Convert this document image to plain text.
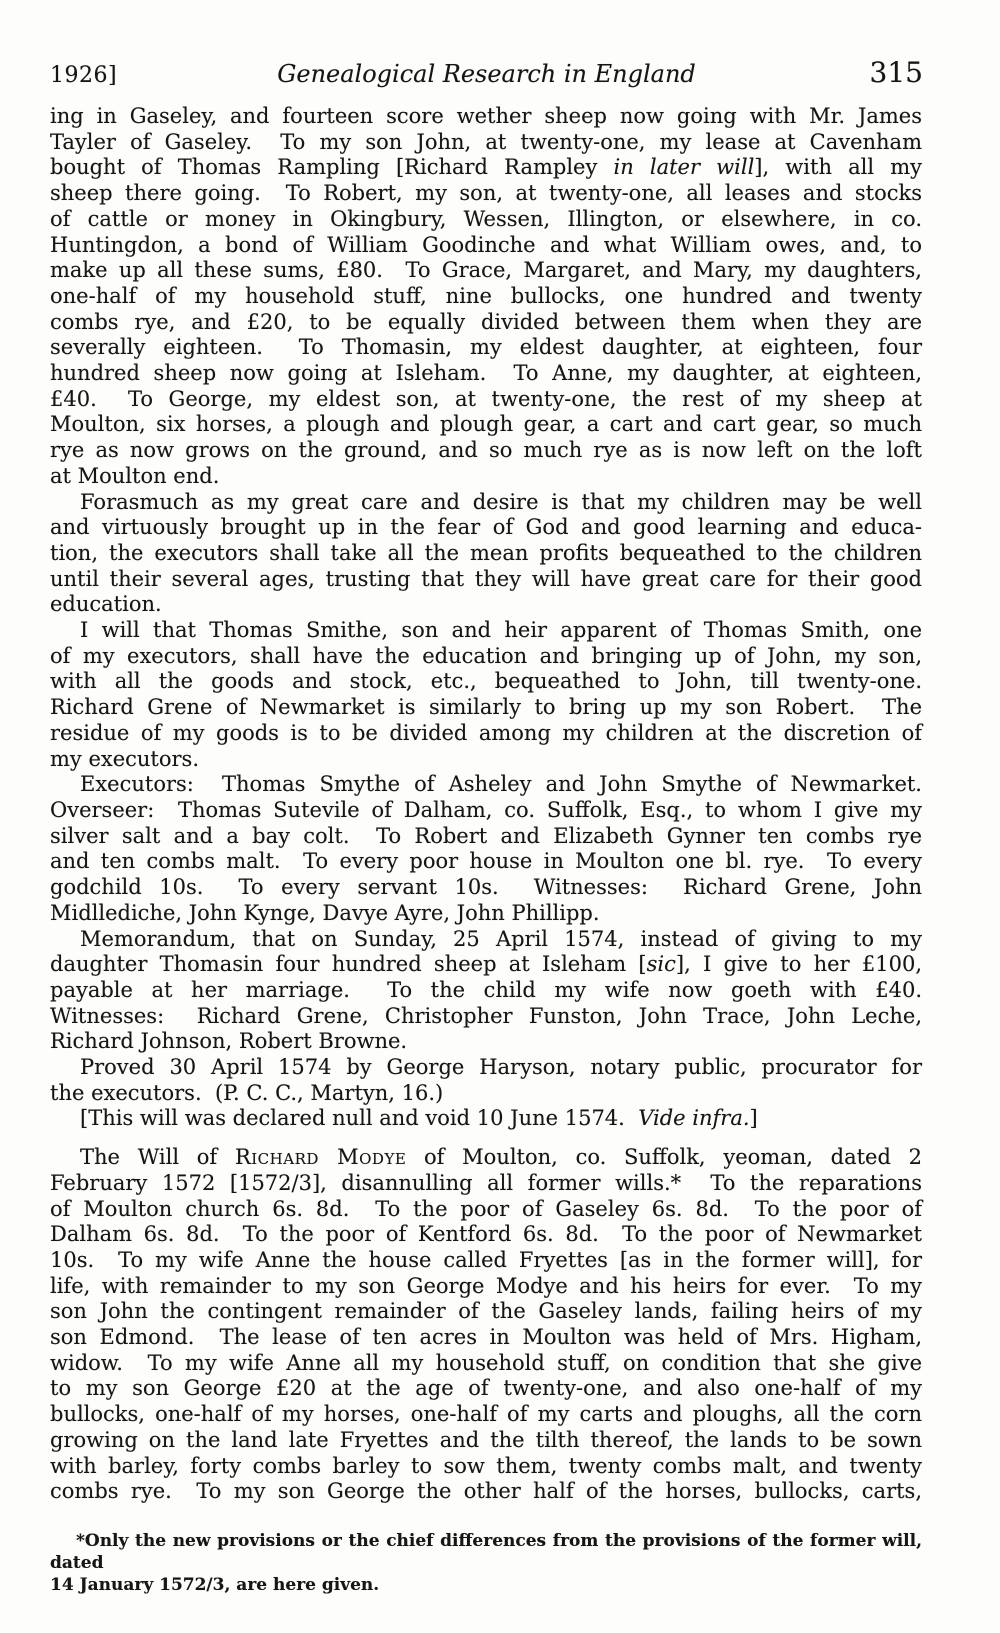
1926]	Genealogical Research in England	315
ing in Gaseley, and fourteen score wether sheep now going with Mr. James
Tayler of Gaseley.  To my son John, at twenty-one, my lease at Cavenham
bought of Thomas Rampling [Richard Rampley in later will], with all my
sheep there going.  To Robert, my son, at twenty-one, all leases and stocks
of cattle or money in Okingbury, Wessen, Illington, or elsewhere, in co.
Huntingdon, a bond of William Goodinche and what William owes, and, to
make up all these sums, £80.  To Grace, Margaret, and Mary, my daughters,
one-half of my household stuff, nine bullocks, one hundred and twenty
combs rye, and £20, to be equally divided between them when they are
severally eighteen.  To Thomasin, my eldest daughter, at eighteen, four
hundred sheep now going at Isleham.  To Anne, my daughter, at eighteen,
£40.  To George, my eldest son, at twenty-one, the rest of my sheep at
Moulton, six horses, a plough and plough gear, a cart and cart gear, so much
rye as now grows on the ground, and so much rye as is now left on the loft
at Moulton end.
Forasmuch as my great care and desire is that my children may be well
and virtuously brought up in the fear of God and good learning and educa-
tion, the executors shall take all the mean profits bequeathed to the children
until their several ages, trusting that they will have great care for their good
education.
I will that Thomas Smithe, son and heir apparent of Thomas Smith, one
of my executors, shall have the education and bringing up of John, my son,
with all the goods and stock, etc., bequeathed to John, till twenty-one.
Richard Grene of Newmarket is similarly to bring up my son Robert.  The
residue of my goods is to be divided among my children at the discretion of
my executors.
Executors:  Thomas Smythe of Asheley and John Smythe of Newmarket.
Overseer:  Thomas Sutevile of Dalham, co. Suffolk, Esq., to whom I give my
silver salt and a bay colt.  To Robert and Elizabeth Gynner ten combs rye
and ten combs malt.  To every poor house in Moulton one bl. rye.  To every
godchild 10s.  To every servant 10s.  Witnesses:  Richard Grene, John
Midllediche, John Kynge, Davye Ayre, John Phillipp.
Memorandum, that on Sunday, 25 April 1574, instead of giving to my
daughter Thomasin four hundred sheep at Isleham [sic], I give to her £100,
payable at her marriage.  To the child my wife now goeth with £40.
Witnesses:  Richard Grene, Christopher Funston, John Trace, John Leche,
Richard Johnson, Robert Browne.
Proved 30 April 1574 by George Haryson, notary public, procurator for
the executors.  (P. C. C., Martyn, 16.)
[This will was declared null and void 10 June 1574.  Vide infra.]
The Will of Richard Modye of Moulton, co. Suffolk, yeoman, dated 2
February 1572 [1572/3], disannulling all former wills.*  To the reparations
of Moulton church 6s. 8d.  To the poor of Gaseley 6s. 8d.  To the poor of
Dalham 6s. 8d.  To the poor of Kentford 6s. 8d.  To the poor of Newmarket
10s.  To my wife Anne the house called Fryettes [as in the former will], for
life, with remainder to my son George Modye and his heirs for ever.  To my
son John the contingent remainder of the Gaseley lands, failing heirs of my
son Edmond.  The lease of ten acres in Moulton was held of Mrs. Higham,
widow.  To my wife Anne all my household stuff, on condition that she give
to my son George £20 at the age of twenty-one, and also one-half of my
bullocks, one-half of my horses, one-half of my carts and ploughs, all the corn
growing on the land late Fryettes and the tilth thereof, the lands to be sown
with barley, forty combs barley to sow them, twenty combs malt, and twenty
combs rye.  To my son George the other half of the horses, bullocks, carts,
*Only the new provisions or the chief differences from the provisions of the former will, dated
14 January 1572/3, are here given.
